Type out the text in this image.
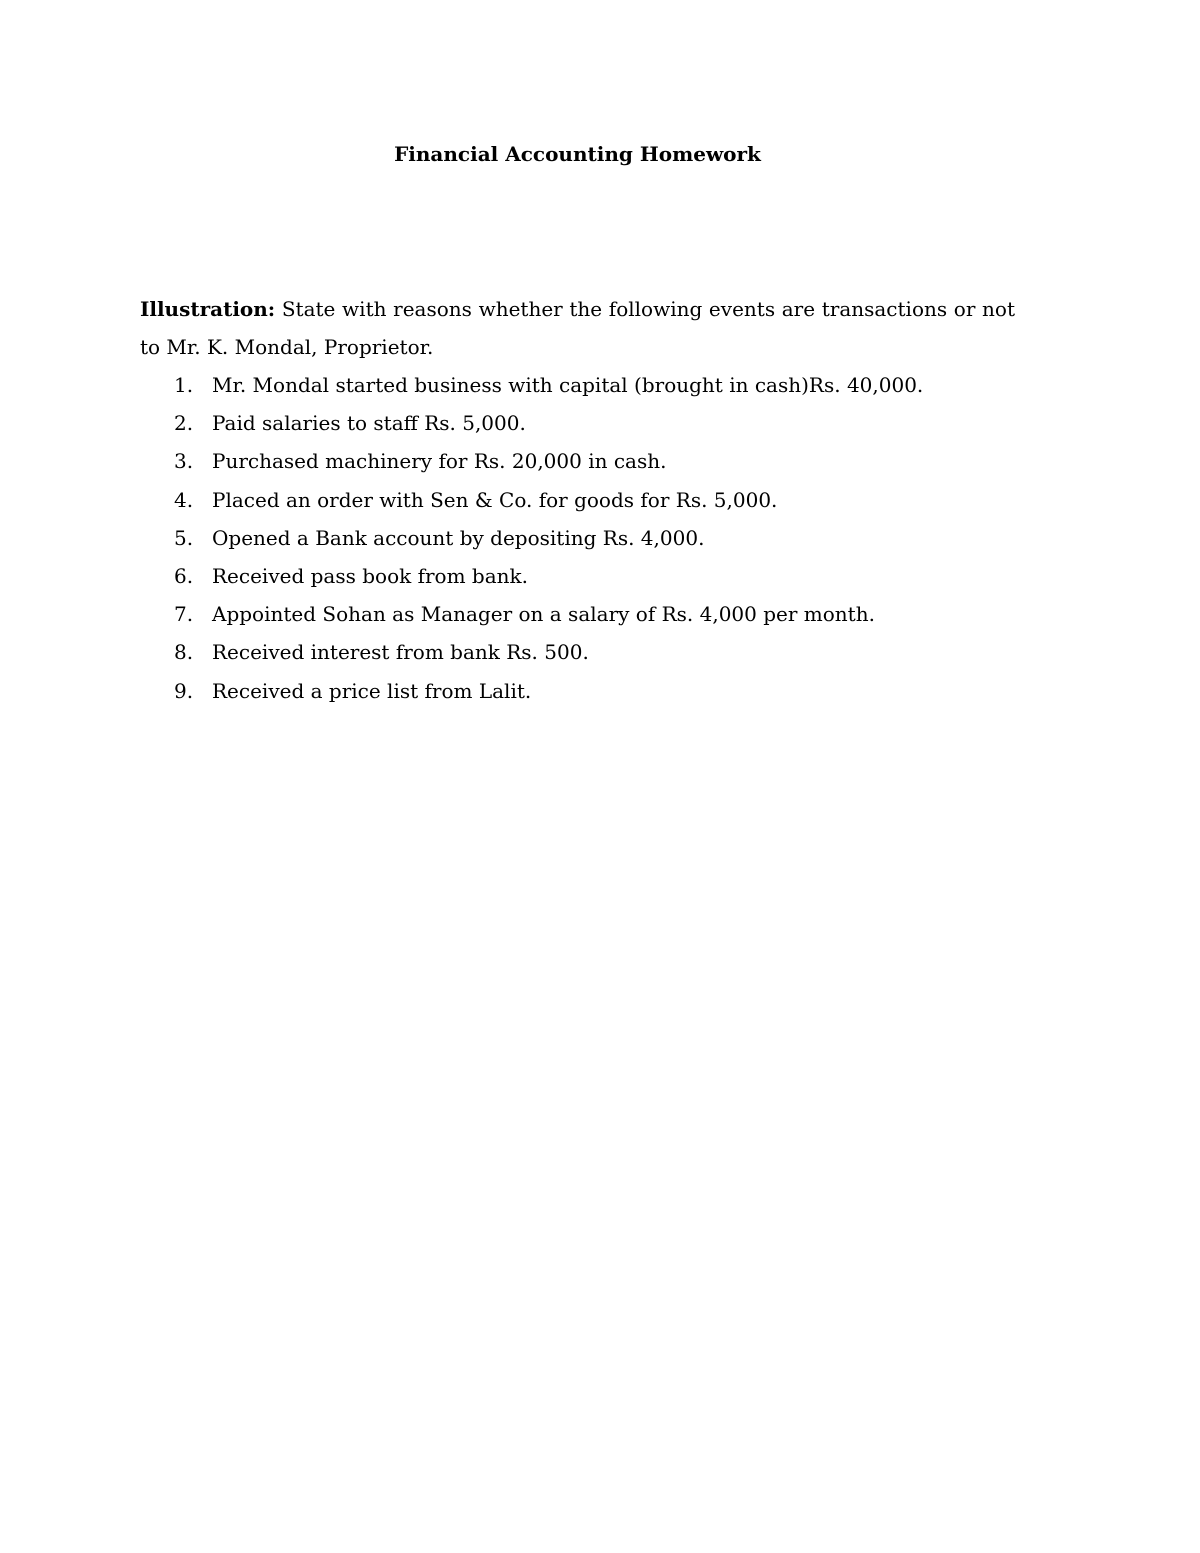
Financial Accounting Homework

Illustration: State with reasons whether the following events are transactions or not to Mr. K. Mondal, Proprietor.

1. Mr. Mondal started business with capital (brought in cash)Rs. 40,000.
2. Paid salaries to staff Rs. 5,000.
3. Purchased machinery for Rs. 20,000 in cash.
4. Placed an order with Sen & Co. for goods for Rs. 5,000.
5. Opened a Bank account by depositing Rs. 4,000.
6. Received pass book from bank.
7. Appointed Sohan as Manager on a salary of Rs. 4,000 per month.
8. Received interest from bank Rs. 500.
9. Received a price list from Lalit.
